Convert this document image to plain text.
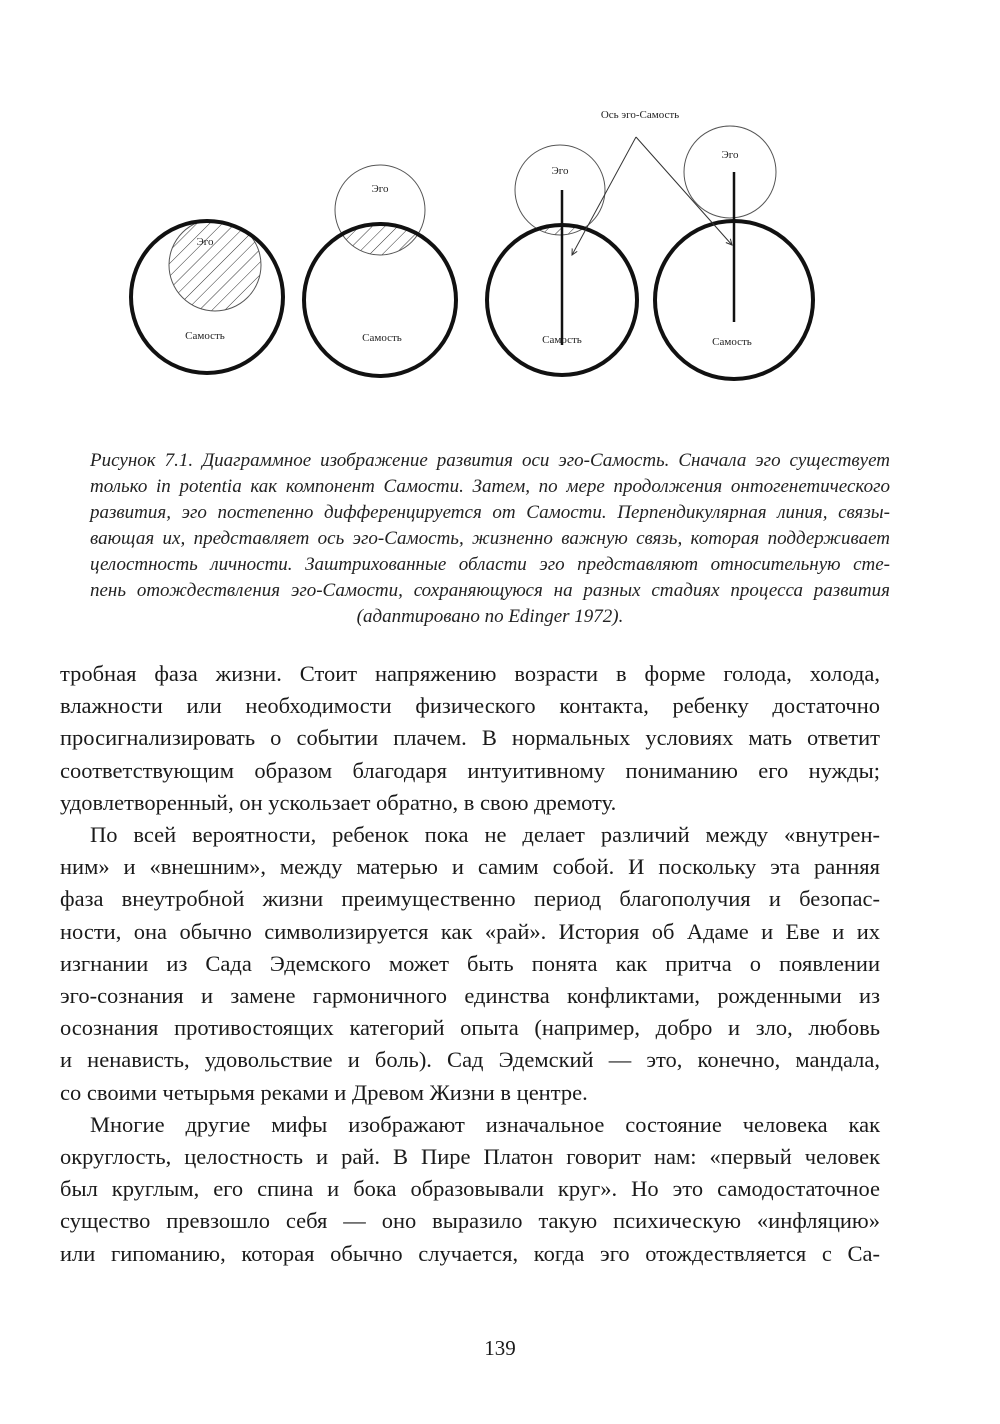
Эго
Самость
Эго
Самость
Эго
Самость
Эго
Самость
Ось эго-Самость
Рисунок 7.1. Диаграммное изображение развития оси эго-Самость. Сначала эго существует
только in potentia как компонент Самости. Затем, по мере продолжения онтогенетического
развития, эго постепенно дифференцируется от Самости. Перпендикулярная линия, связы-
вающая их, представляет ось эго-Самость, жизненно важную связь, которая поддерживает
целостность личности. Заштрихованные области эго представляют относительную сте-
пень отождествления эго-Самости, сохраняющуюся на разных стадиях процесса развития
(адаптировано по Edinger 1972).
тробная фаза жизни. Стоит напряжению возрасти в форме голода, холода,
влажности или необходимости физического контакта, ребенку достаточно
просигнализировать о событии плачем. В нормальных условиях мать ответит
соответствующим образом благодаря интуитивному пониманию его нужды;
удовлетворенный, он ускользает обратно, в свою дремоту.
По всей вероятности, ребенок пока не делает различий между «внутрен-
ним» и «внешним», между матерью и самим собой. И поскольку эта ранняя
фаза внеутробной жизни преимущественно период благополучия и безопас-
ности, она обычно символизируется как «рай». История об Адаме и Еве и их
изгнании из Сада Эдемского может быть понята как притча о появлении
эго-сознания и замене гармоничного единства конфликтами, рожденными из
осознания противостоящих категорий опыта (например, добро и зло, любовь
и ненависть, удовольствие и боль). Сад Эдемский — это, конечно, мандала,
со своими четырьмя реками и Древом Жизни в центре.
Многие другие мифы изображают изначальное состояние человека как
округлость, целостность и рай. В Пире Платон говорит нам: «первый человек
был круглым, его спина и бока образовывали круг». Но это самодостаточное
существо превзошло себя — оно выразило такую психическую «инфляцию»
или гипоманию, которая обычно случается, когда эго отождествляется с Са-
139
